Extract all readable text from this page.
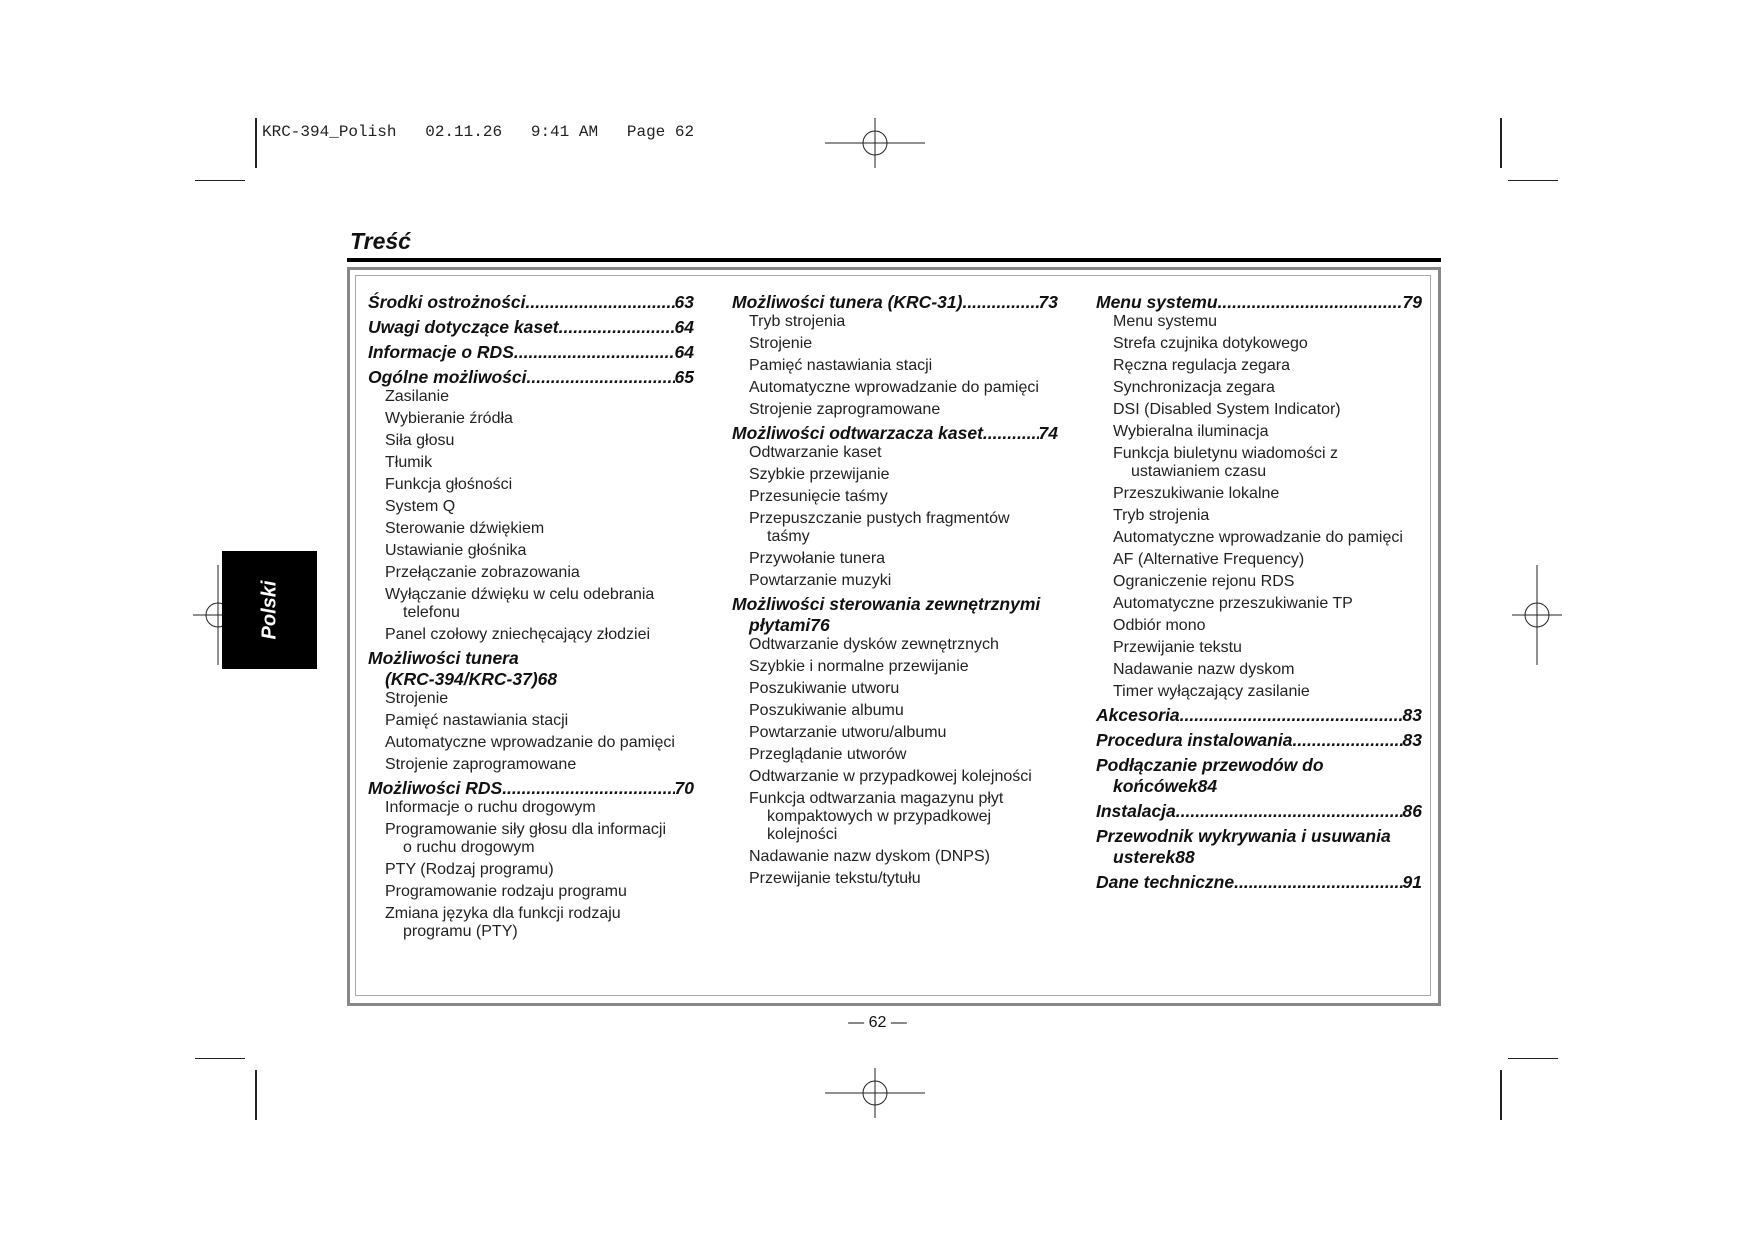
KRC-394_Polish   02.11.26   9:41 AM   Page 62
Treść
Polski
Środki ostrożności .....	63
Uwagi dotyczące kaset .....	64
Informacje o RDS .....	64
Ogólne możliwości .....	65
Zasilanie
Wybieranie źródła
Siła głosu
Tłumik
Funkcja głośności
System Q
Sterowanie dźwiękiem
Ustawianie głośnika
Przełączanie zobrazowania
Wyłączanie dźwięku w celu odebrania
telefonu
Panel czołowy zniechęcający złodziei
Możliwości tunera
(KRC-394/KRC-37) 68
Strojenie
Pamięć nastawiania stacji
Automatyczne wprowadzanie do pamięci
Strojenie zaprogramowane
Możliwości RDS .....	70
Informacje o ruchu drogowym
Programowanie siły głosu dla informacji
o ruchu drogowym
PTY (Rodzaj programu)
Programowanie rodzaju programu
Zmiana języka dla funkcji rodzaju
programu (PTY)
Możliwości tunera (KRC-31) .....	73
Tryb strojenia
Strojenie
Pamięć nastawiania stacji
Automatyczne wprowadzanie do pamięci
Strojenie zaprogramowane
Możliwości odtwarzacza kaset .....	74
Odtwarzanie kaset
Szybkie przewijanie
Przesunięcie taśmy
Przepuszczanie pustych fragmentów
taśmy
Przywołanie tunera
Powtarzanie muzyki
Możliwości sterowania zewnętrznymi
płytami 76
Odtwarzanie dysków zewnętrznych
Szybkie i normalne przewijanie
Poszukiwanie utworu
Poszukiwanie albumu
Powtarzanie utworu/albumu
Przeglądanie utworów
Odtwarzanie w przypadkowej kolejności
Funkcja odtwarzania magazynu płyt
kompaktowych w przypadkowej
kolejności
Nadawanie nazw dyskom (DNPS)
Przewijanie tekstu/tytułu
Menu systemu .....	79
Menu systemu
Strefa czujnika dotykowego
Ręczna regulacja zegara
Synchronizacja zegara
DSI (Disabled System Indicator)
Wybieralna iluminacja
Funkcja biuletynu wiadomości z
ustawianiem czasu
Przeszukiwanie lokalne
Tryb strojenia
Automatyczne wprowadzanie do pamięci
AF (Alternative Frequency)
Ograniczenie rejonu RDS
Automatyczne przeszukiwanie TP
Odbiór mono
Przewijanie tekstu
Nadawanie nazw dyskom
Timer wyłączający zasilanie
Akcesoria .....	83
Procedura instalowania .....	83
Podłączanie przewodów do
końcówek 84
Instalacja .....	86
Przewodnik wykrywania i usuwania
usterek 88
Dane techniczne .....	91
— 62 —
